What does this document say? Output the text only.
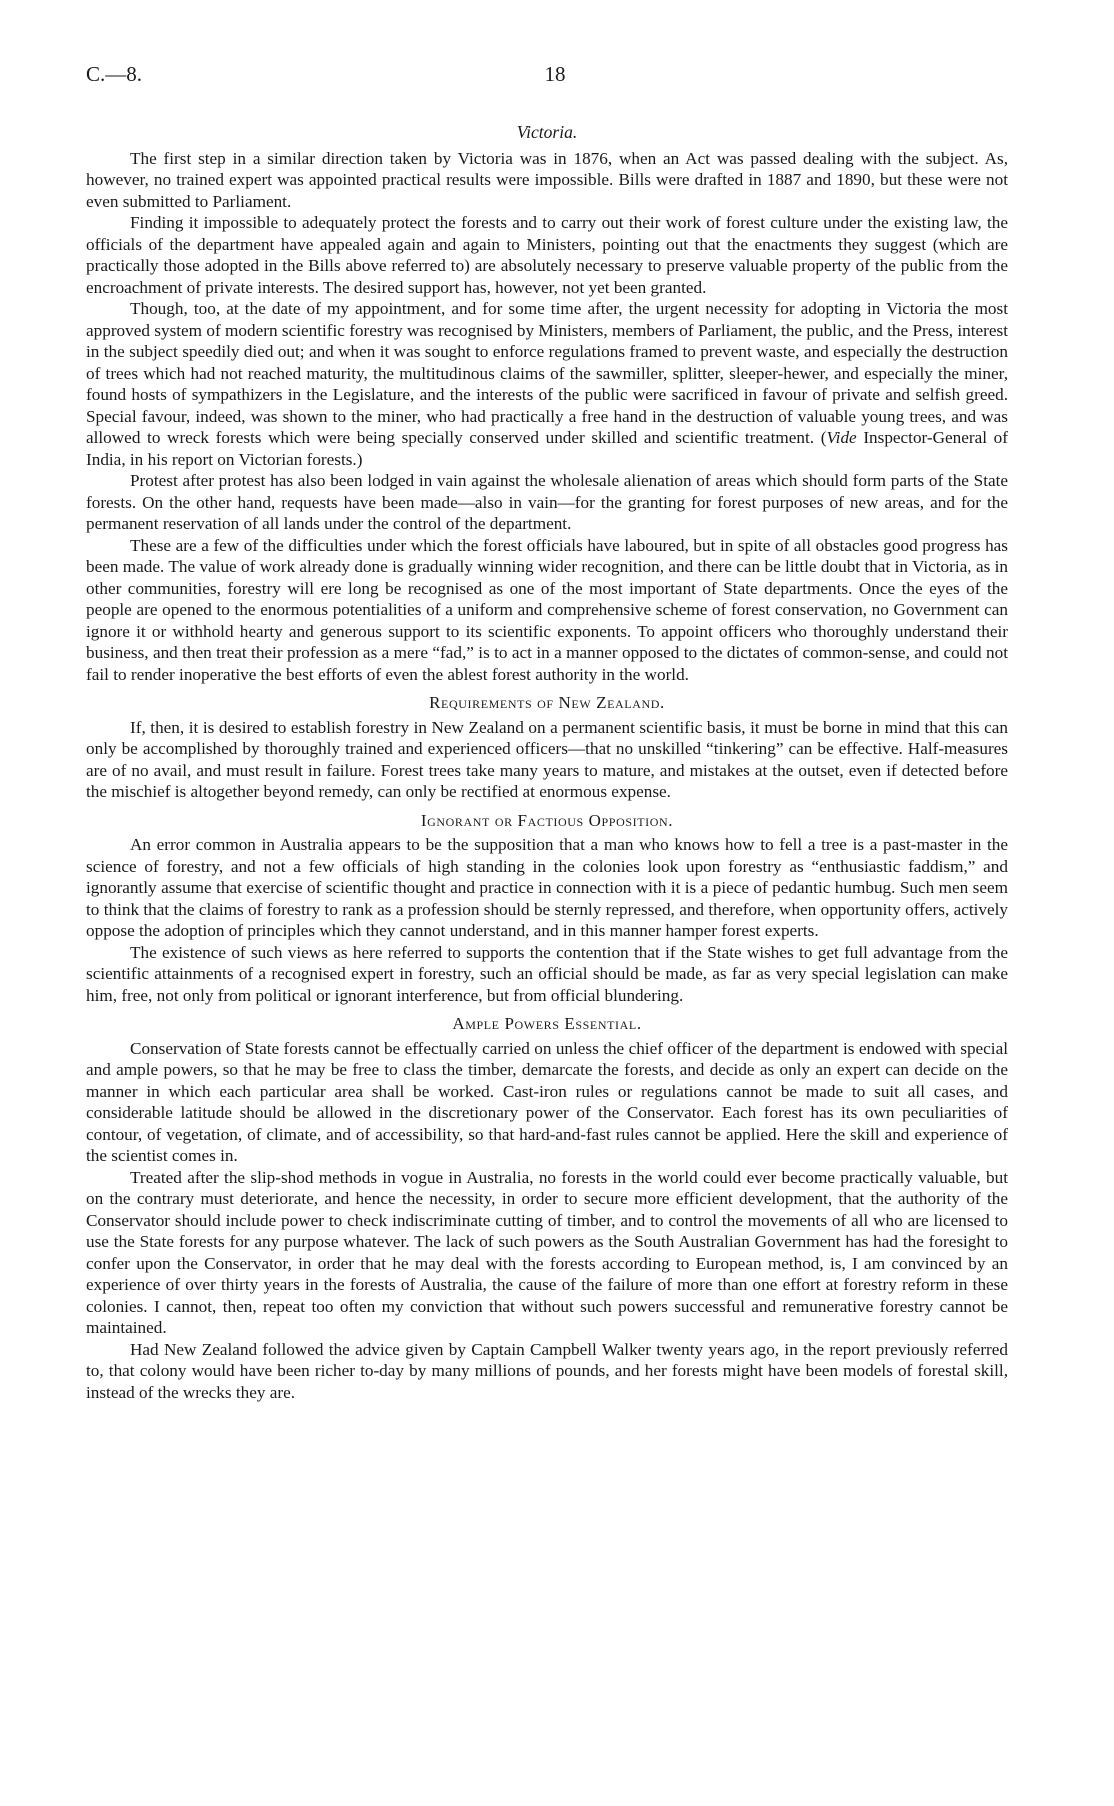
C.—8.	18
Victoria.

The first step in a similar direction taken by Victoria was in 1876, when an Act was passed dealing with the subject. As, however, no trained expert was appointed practical results were impossible. Bills were drafted in 1887 and 1890, but these were not even submitted to Parliament.

Finding it impossible to adequately protect the forests and to carry out their work of forest culture under the existing law, the officials of the department have appealed again and again to Ministers, pointing out that the enactments they suggest (which are practically those adopted in the Bills above referred to) are absolutely necessary to preserve valuable property of the public from the encroachment of private interests. The desired support has, however, not yet been granted.

Though, too, at the date of my appointment, and for some time after, the urgent necessity for adopting in Victoria the most approved system of modern scientific forestry was recognised by Ministers, members of Parliament, the public, and the Press, interest in the subject speedily died out; and when it was sought to enforce regulations framed to prevent waste, and especially the destruction of trees which had not reached maturity, the multitudinous claims of the sawmiller, splitter, sleeper-hewer, and especially the miner, found hosts of sympathizers in the Legislature, and the interests of the public were sacrificed in favour of private and selfish greed. Special favour, indeed, was shown to the miner, who had practically a free hand in the destruction of valuable young trees, and was allowed to wreck forests which were being specially conserved under skilled and scientific treatment. (Vide Inspector-General of India, in his report on Victorian forests.)

Protest after protest has also been lodged in vain against the wholesale alienation of areas which should form parts of the State forests. On the other hand, requests have been made—also in vain—for the granting for forest purposes of new areas, and for the permanent reservation of all lands under the control of the department.

These are a few of the difficulties under which the forest officials have laboured, but in spite of all obstacles good progress has been made. The value of work already done is gradually winning wider recognition, and there can be little doubt that in Victoria, as in other communities, forestry will ere long be recognised as one of the most important of State departments. Once the eyes of the people are opened to the enormous potentialities of a uniform and comprehensive scheme of forest conservation, no Government can ignore it or withhold hearty and generous support to its scientific exponents. To appoint officers who thoroughly understand their business, and then treat their profession as a mere “fad,” is to act in a manner opposed to the dictates of common-sense, and could not fail to render inoperative the best efforts of even the ablest forest authority in the world.

Requirements of New Zealand.

If, then, it is desired to establish forestry in New Zealand on a permanent scientific basis, it must be borne in mind that this can only be accomplished by thoroughly trained and experienced officers—that no unskilled “tinkering” can be effective. Half-measures are of no avail, and must result in failure. Forest trees take many years to mature, and mistakes at the outset, even if detected before the mischief is altogether beyond remedy, can only be rectified at enormous expense.

Ignorant or Factious Opposition.

An error common in Australia appears to be the supposition that a man who knows how to fell a tree is a past-master in the science of forestry, and not a few officials of high standing in the colonies look upon forestry as “enthusiastic faddism,” and ignorantly assume that exercise of scientific thought and practice in connection with it is a piece of pedantic humbug. Such men seem to think that the claims of forestry to rank as a profession should be sternly repressed, and therefore, when opportunity offers, actively oppose the adoption of principles which they cannot understand, and in this manner hamper forest experts.

The existence of such views as here referred to supports the contention that if the State wishes to get full advantage from the scientific attainments of a recognised expert in forestry, such an official should be made, as far as very special legislation can make him, free, not only from political or ignorant interference, but from official blundering.

Ample Powers Essential.

Conservation of State forests cannot be effectually carried on unless the chief officer of the department is endowed with special and ample powers, so that he may be free to class the timber, demarcate the forests, and decide as only an expert can decide on the manner in which each particular area shall be worked. Cast-iron rules or regulations cannot be made to suit all cases, and considerable latitude should be allowed in the discretionary power of the Conservator. Each forest has its own peculiarities of contour, of vegetation, of climate, and of accessibility, so that hard-and-fast rules cannot be applied. Here the skill and experience of the scientist comes in.

Treated after the slip-shod methods in vogue in Australia, no forests in the world could ever become practically valuable, but on the contrary must deteriorate, and hence the necessity, in order to secure more efficient development, that the authority of the Conservator should include power to check indiscriminate cutting of timber, and to control the movements of all who are licensed to use the State forests for any purpose whatever. The lack of such powers as the South Australian Government has had the foresight to confer upon the Conservator, in order that he may deal with the forests according to European method, is, I am convinced by an experience of over thirty years in the forests of Australia, the cause of the failure of more than one effort at forestry reform in these colonies. I cannot, then, repeat too often my conviction that without such powers successful and remunerative forestry cannot be maintained.

Had New Zealand followed the advice given by Captain Campbell Walker twenty years ago, in the report previously referred to, that colony would have been richer to-day by many millions of pounds, and her forests might have been models of forestal skill, instead of the wrecks they are.
